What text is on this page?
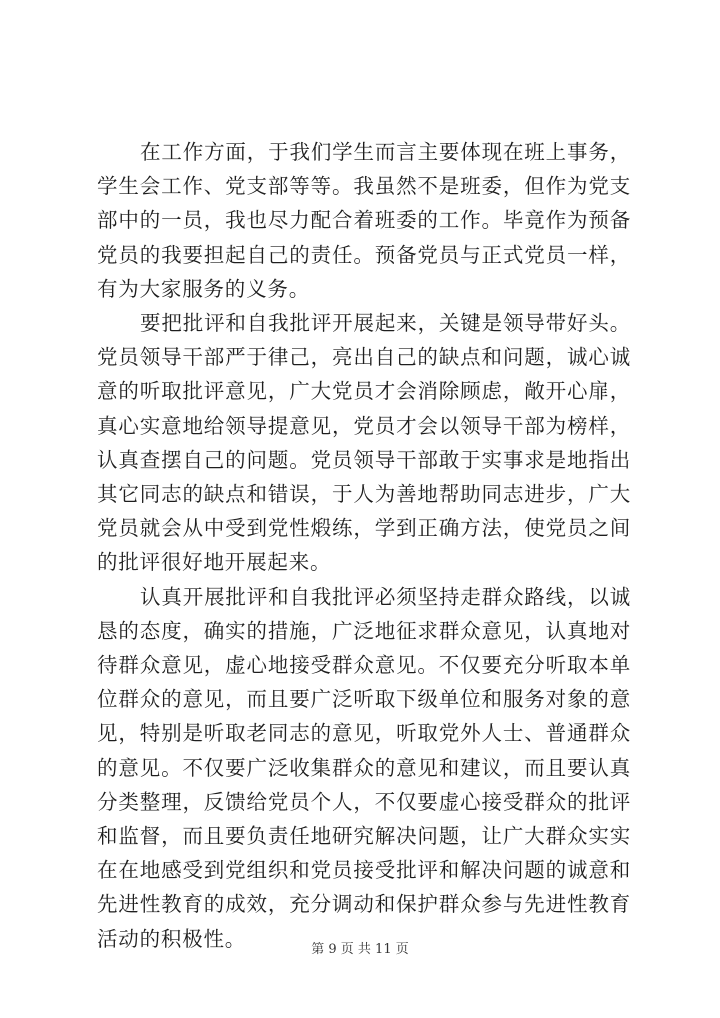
在工作方面，于我们学生而言主要体现在班上事务，学生会工作、党支部等等。我虽然不是班委，但作为党支部中的一员，我也尽力配合着班委的工作。毕竟作为预备党员的我要担起自己的责任。预备党员与正式党员一样，有为大家服务的义务。

要把批评和自我批评开展起来，关键是领导带好头。党员领导干部严于律己，亮出自己的缺点和问题，诚心诚意的听取批评意见，广大党员才会消除顾虑，敞开心扉，真心实意地给领导提意见，党员才会以领导干部为榜样，认真查摆自己的问题。党员领导干部敢于实事求是地指出其它同志的缺点和错误，于人为善地帮助同志进步，广大党员就会从中受到党性煅练，学到正确方法，使党员之间的批评很好地开展起来。

认真开展批评和自我批评必须坚持走群众路线，以诚恳的态度，确实的措施，广泛地征求群众意见，认真地对待群众意见，虚心地接受群众意见。不仅要充分听取本单位群众的意见，而且要广泛听取下级单位和服务对象的意见，特别是听取老同志的意见，听取党外人士、普通群众的意见。不仅要广泛收集群众的意见和建议，而且要认真分类整理，反馈给党员个人，不仅要虚心接受群众的批评和监督，而且要负责任地研究解决问题，让广大群众实实在在地感受到党组织和党员接受批评和解决问题的诚意和先进性教育的成效，充分调动和保护群众参与先进性教育活动的积极性。	第 9 页 共 11 页
